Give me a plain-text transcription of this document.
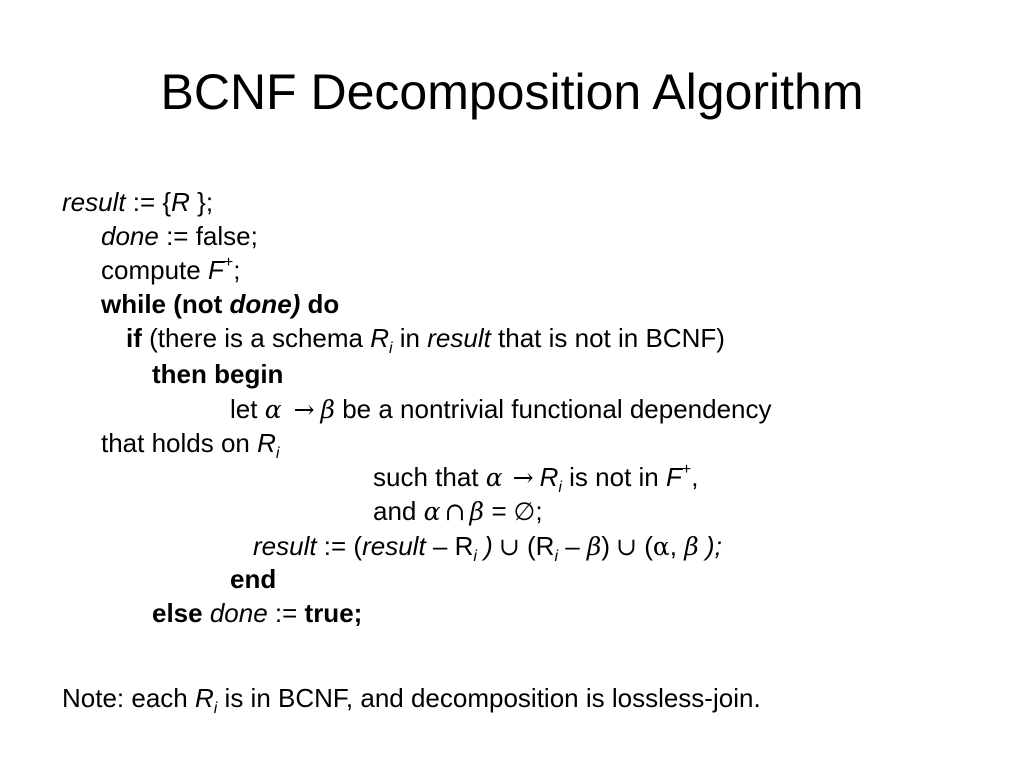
BCNF Decomposition Algorithm
result := {R };
done := false;
compute F+;
while (not done) do
if (there is a schema $R_i$ in result that is not in BCNF)
then begin
let α → β be a nontrivial functional dependency
that holds on $R_i$
such that $\alpha \to R_i$ is not in F+,
and α ∩ β = ∅;
result := (result – $R_i$ ) ∪ $(R_i - \beta)$ ∪ (α, β );
end
else done := true;
Note: each $R_i$ is in BCNF, and decomposition is lossless-join.
